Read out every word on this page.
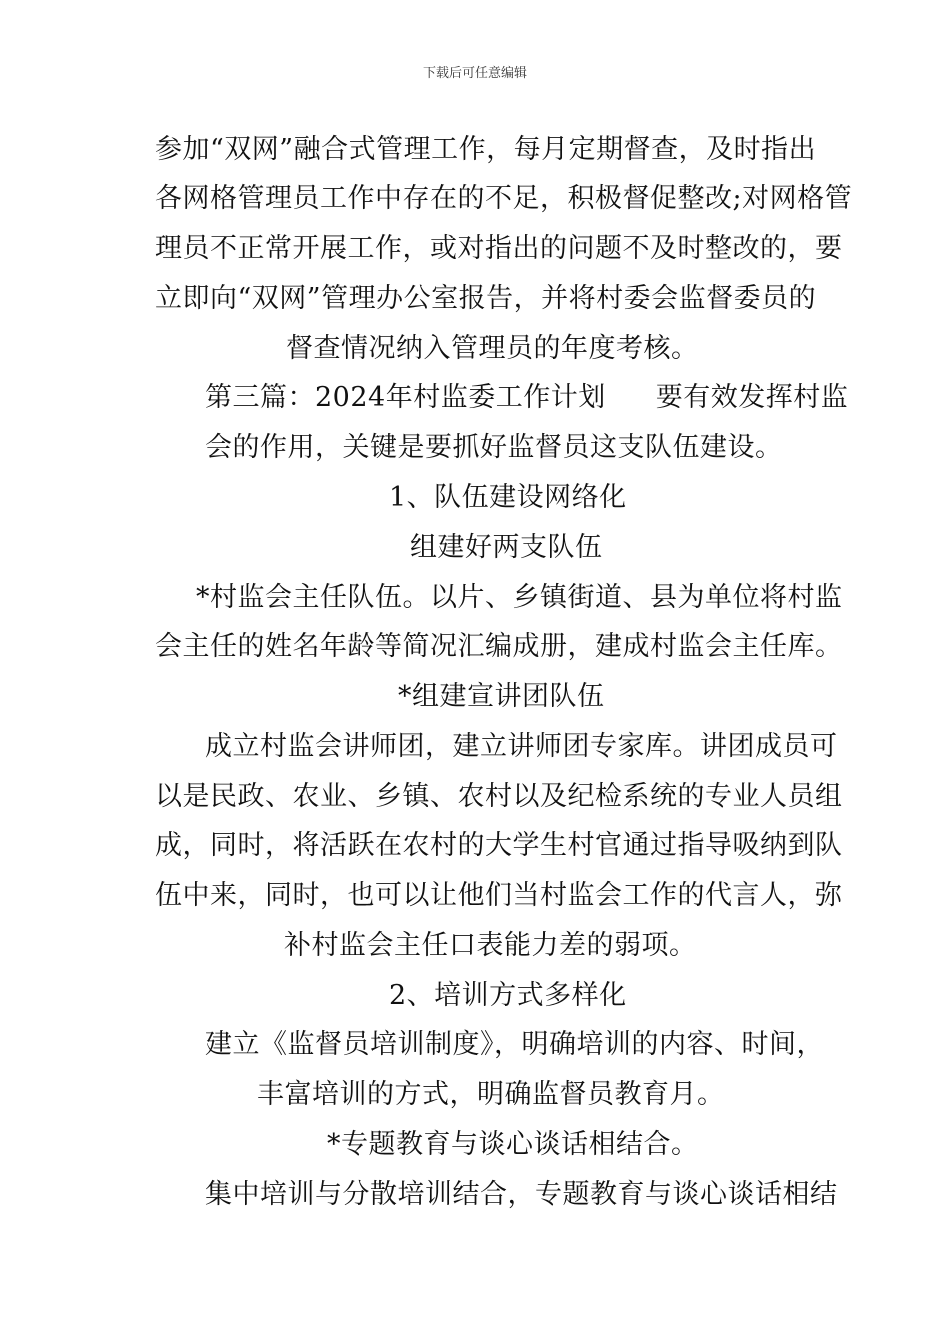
下载后可任意编辑
参加“双网”融合式管理工作，每月定期督查，及时指出
各网格管理员工作中存在的不足，积极督促整改;对网格管
理员不正常开展工作，或对指出的问题不及时整改的，要
立即向“双网”管理办公室报告，并将村委会监督委员的
督查情况纳入管理员的年度考核。
第三篇：2024年村监委工作计划 要有效发挥村监
会的作用，关键是要抓好监督员这支队伍建设。
1、队伍建设网络化
组建好两支队伍
*村监会主任队伍。以片、乡镇街道、县为单位将村监
会主任的姓名年龄等简况汇编成册，建成村监会主任库。
*组建宣讲团队伍
成立村监会讲师团，建立讲师团专家库。讲团成员可
以是民政、农业、乡镇、农村以及纪检系统的专业人员组
成，同时，将活跃在农村的大学生村官通过指导吸纳到队
伍中来，同时，也可以让他们当村监会工作的代言人，弥
补村监会主任口表能力差的弱项。
2、培训方式多样化
建立《监督员培训制度》，明确培训的内容、时间，
丰富培训的方式，明确监督员教育月。
*专题教育与谈心谈话相结合。
集中培训与分散培训结合，专题教育与谈心谈话相结
